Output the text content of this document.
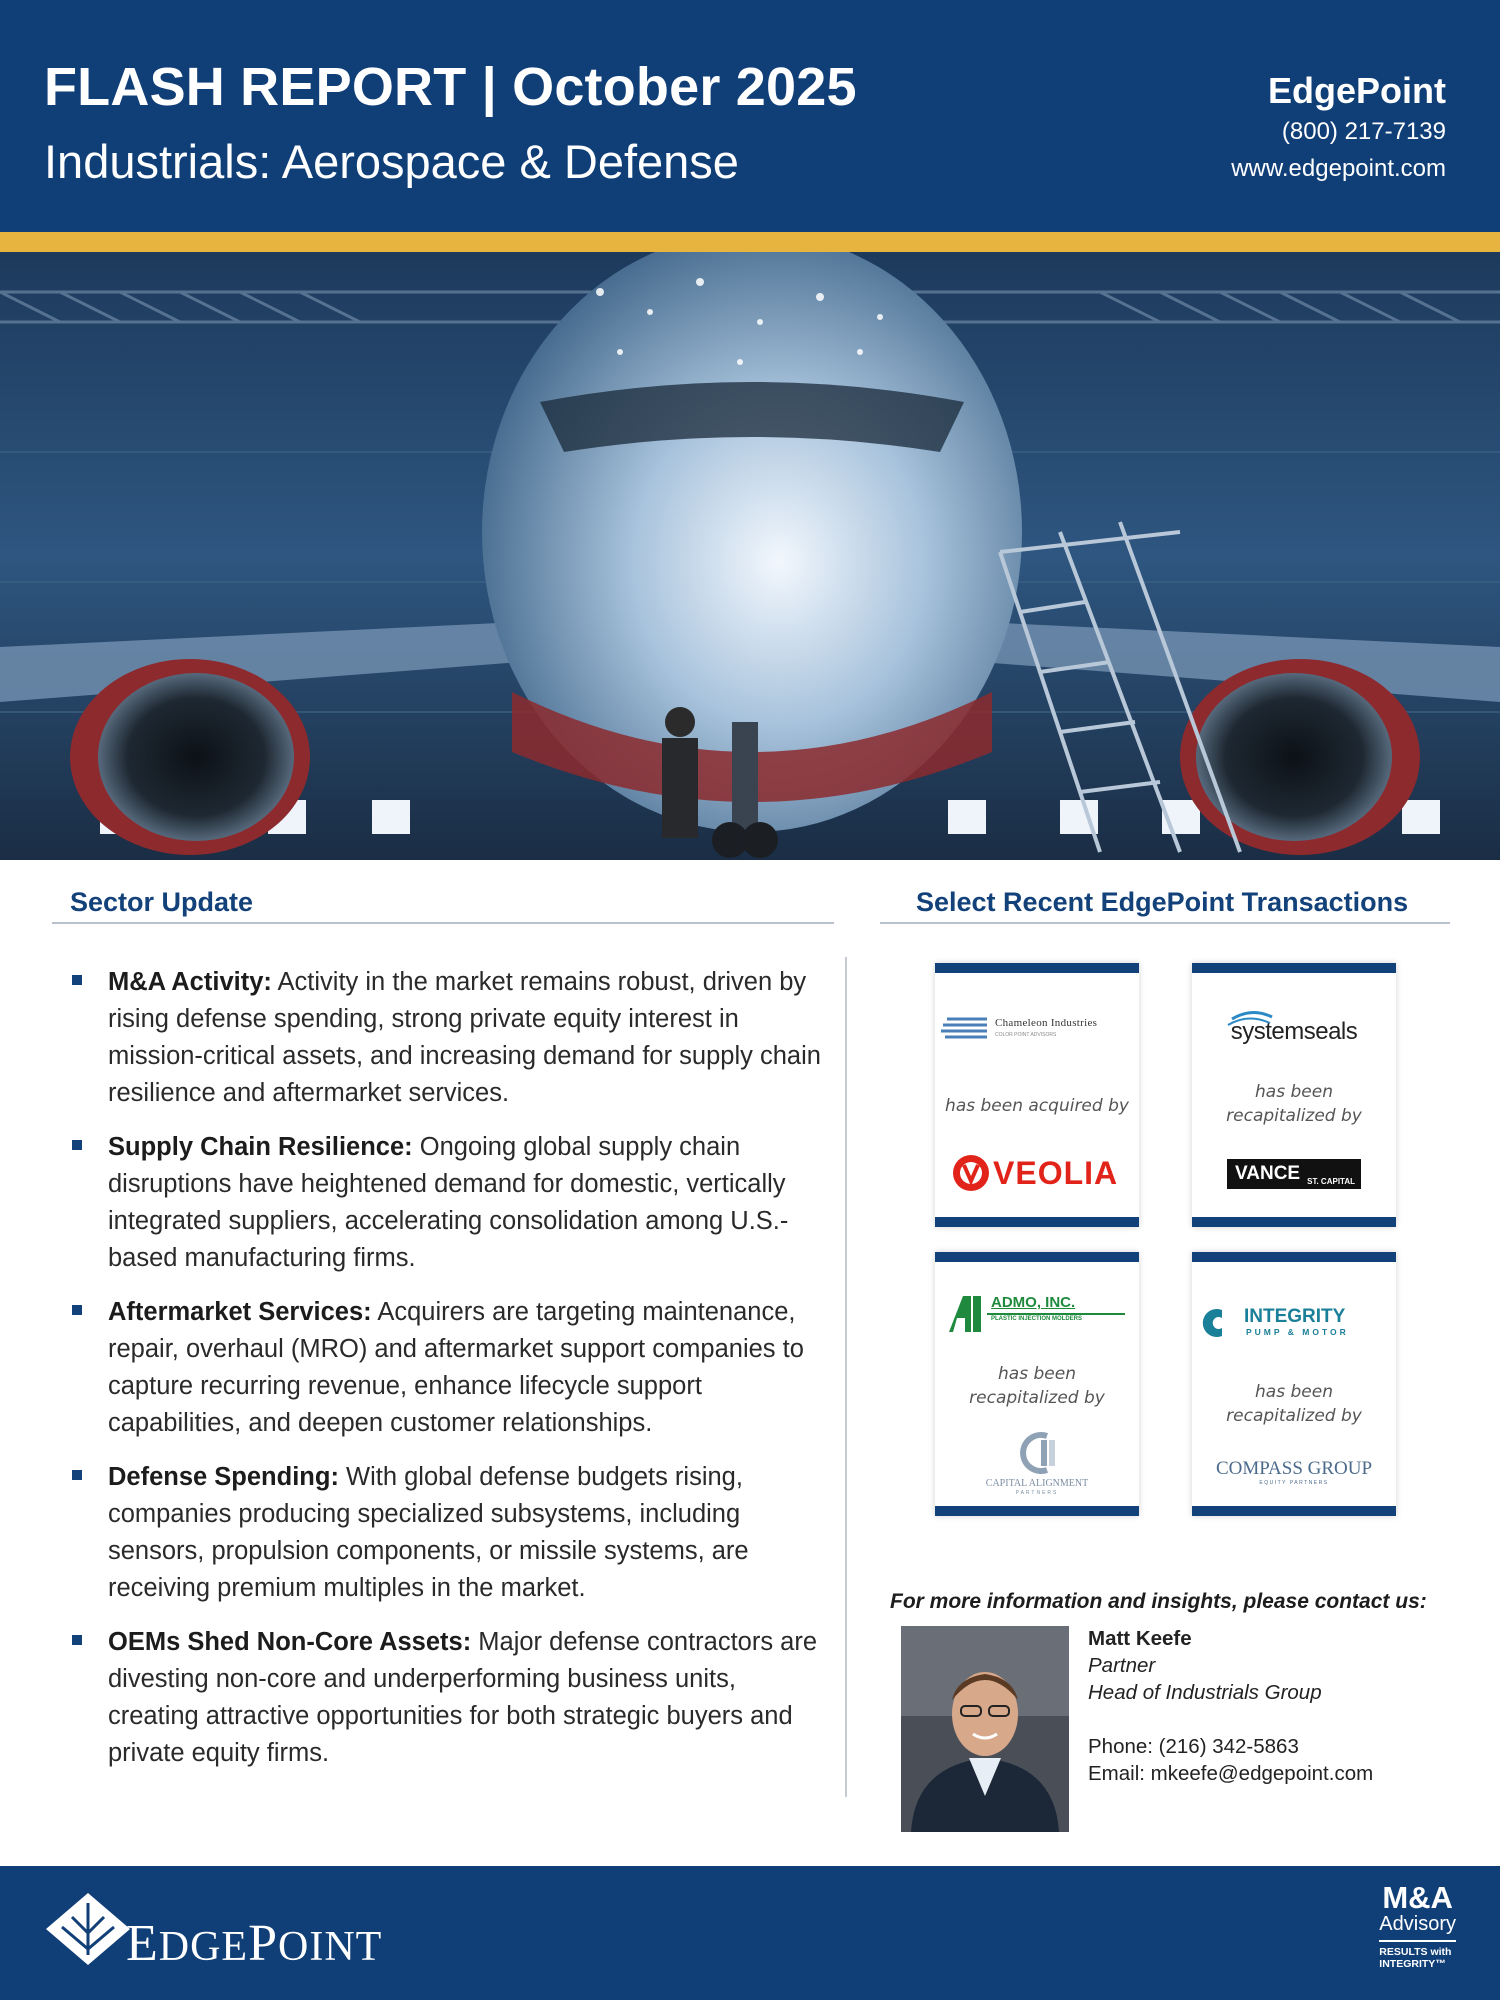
FLASH REPORT | October 2025
Industrials: Aerospace & Defense
EdgePoint
(800) 217-7139
www.edgepoint.com
Sector Update
M&A Activity: Activity in the market remains robust, driven by rising defense spending, strong private equity interest in mission-critical assets, and increasing demand for supply chain resilience and aftermarket services.
Supply Chain Resilience: Ongoing global supply chain disruptions have heightened demand for domestic, vertically integrated suppliers, accelerating consolidation among U.S.-based manufacturing firms.
Aftermarket Services: Acquirers are targeting maintenance, repair, overhaul (MRO) and aftermarket support companies to capture recurring revenue, enhance lifecycle support capabilities, and deepen customer relationships.
Defense Spending: With global defense budgets rising, companies producing specialized subsystems, including sensors, propulsion components, or missile systems, are receiving premium multiples in the market.
OEMs Shed Non-Core Assets: Major defense contractors are divesting non-core and underperforming business units, creating attractive opportunities for both strategic buyers and private equity firms.
Select Recent EdgePoint Transactions
Chameleon Industries
COLOR POINT ADVISORS
has been acquired by
VEOLIA
systemseals
has been
recapitalized by
VANCE ST. CAPITAL
ADMO, INC.
PLASTIC INJECTION MOLDERS
has been
recapitalized by
CAPITAL ALIGNMENT
PARTNERS
INTEGRITY
PUMP & MOTOR
has been
recapitalized by
COMPASS GROUP
EQUITY PARTNERS
For more information and insights, please contact us:
Matt Keefe
Partner
Head of Industrials Group
Phone: (216) 342-5863
Email: mkeefe@edgepoint.com
EDGEPOINT
M&A
Advisory
RESULTS with
INTEGRITY™
